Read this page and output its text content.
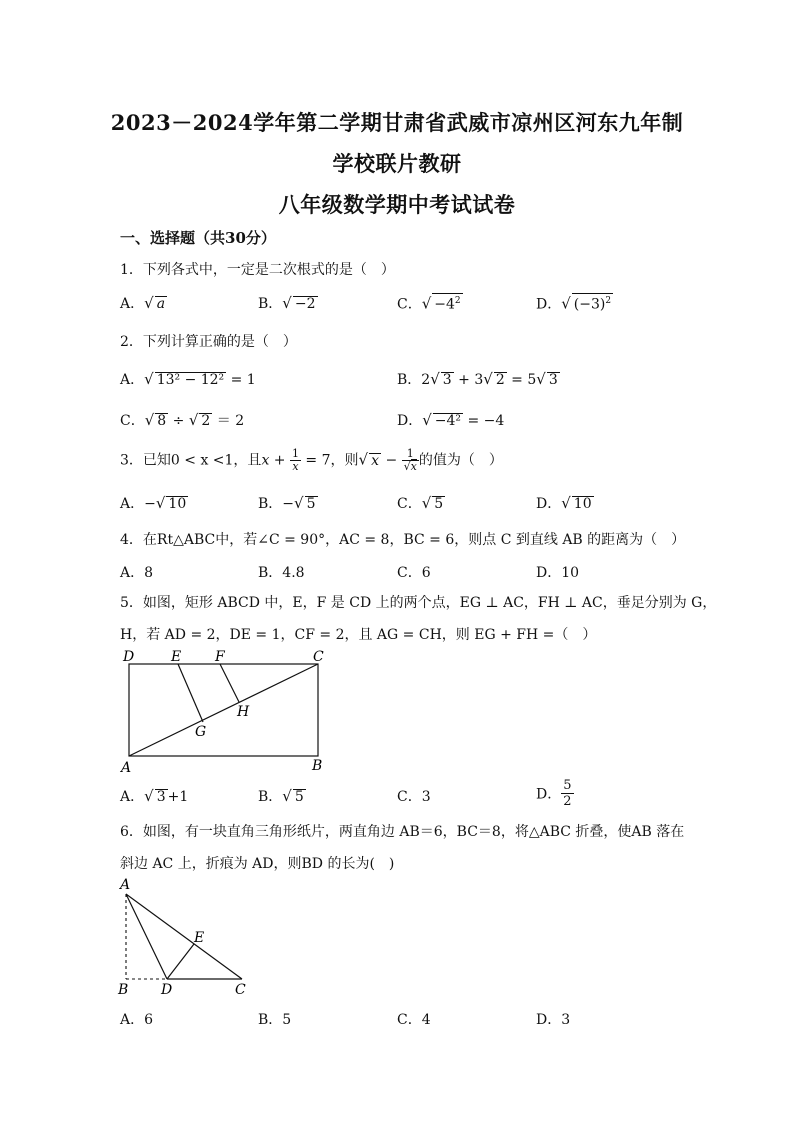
2023－2024学年第二学期甘肃省武威市凉州区河东九年制
学校联片教研
八年级数学期中考试试卷
一、选择题（共30分）
1．下列各式中，一定是二次根式的是（　）
A．√ a	B．√ −2	C．√ $-4^2$	D．√ $(-3)^2$
2．下列计算正确的是（　）
A．√ 13² − 12² = 1	B．2√ 3 + 3√ 2 = 5√ 3
C．√ 8 ÷ √ 2 ＝ 2	D．√ −4² = −4
3．已知0 < x <1，且$x + \frac{1}{x} = 7$，则√ $x - \frac{1}{√x}$ 的值为（　）
A．−√ 10	B．−√ 5	C．√ 5	D．√ 10
4．在Rt△ABC中，若∠C = 90°，AC = 8，BC = 6，则点 C 到直线 AB 的距离为（　）
A．8	B．4.8	C．6	D．10
5．如图，矩形 ABCD 中，E，F 是 CD 上的两个点，EG ⊥ AC，FH ⊥ AC，垂足分别为 G，
H，若 AD = 2，DE = 1，CF = 2，且 AG = CH，则 EG + FH =（　）
D	E F	C
H
G
A	B
A．√ 3 +1	B．√ 5	C．3	D． $\frac{5}{2}$
6．如图，有一块直角三角形纸片，两直角边 AB＝6，BC＝8，将△ABC 折叠，使AB 落在
斜边 AC 上，折痕为 AD，则BD 的长为(　)
A
E
B D	C
A．6	B．5	C．4	D．3
